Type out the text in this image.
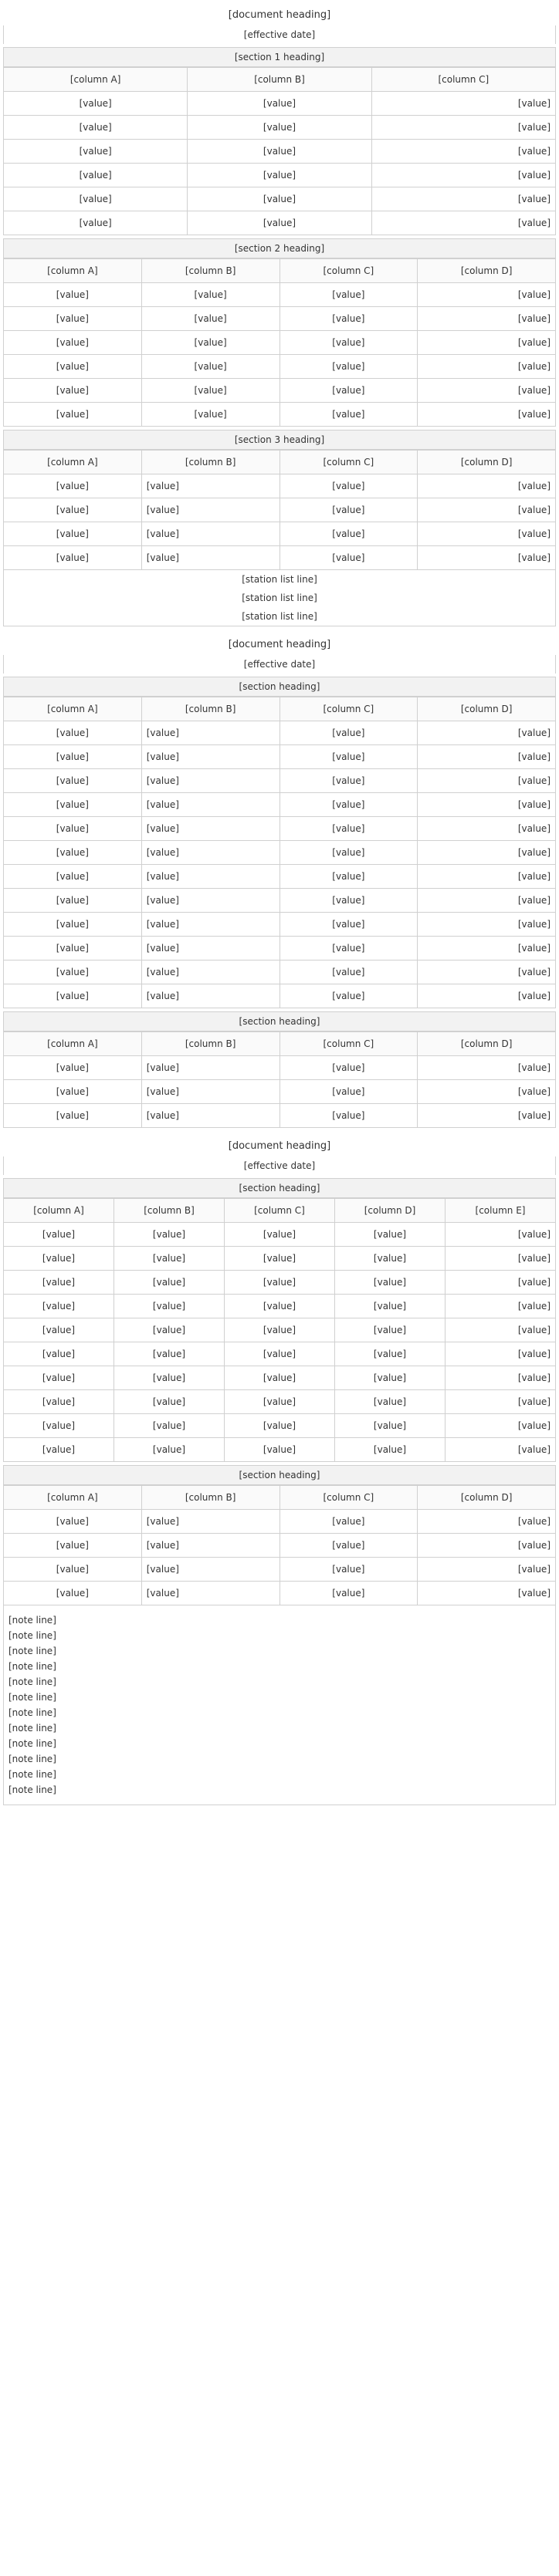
[document heading]
[effective date]
[section 1 heading]
[column A]	[column B]	[column C]
[value]	[value]	[value]
[value]	[value]	[value]
[value]	[value]	[value]
[value]	[value]	[value]
[value]	[value]	[value]
[value]	[value]	[value]
[section 2 heading]
[column A]	[column B]	[column C]	[column D]
[value]	[value]	[value]	[value]
[value]	[value]	[value]	[value]
[value]	[value]	[value]	[value]
[value]	[value]	[value]	[value]
[value]	[value]	[value]	[value]
[value]	[value]	[value]	[value]
[section 3 heading]
[column A]	[column B]	[column C]	[column D]
[value]	[value]	[value]	[value]
[value]	[value]	[value]	[value]
[value]	[value]	[value]	[value]
[value]	[value]	[value]	[value]
[station list line]
[station list line]
[station list line]
[document heading]
[effective date]
[section heading]
[column A]	[column B]	[column C]	[column D]
[value]	[value]	[value]	[value]
[value]	[value]	[value]	[value]
[value]	[value]	[value]	[value]
[value]	[value]	[value]	[value]
[value]	[value]	[value]	[value]
[value]	[value]	[value]	[value]
[value]	[value]	[value]	[value]
[value]	[value]	[value]	[value]
[value]	[value]	[value]	[value]
[value]	[value]	[value]	[value]
[value]	[value]	[value]	[value]
[value]	[value]	[value]	[value]
[section heading]
[column A]	[column B]	[column C]	[column D]
[value]	[value]	[value]	[value]
[value]	[value]	[value]	[value]
[value]	[value]	[value]	[value]
[document heading]
[effective date]
[section heading]
[column A]	[column B]	[column C]	[column D]	[column E]
[value]	[value]	[value]	[value]	[value]
[value]	[value]	[value]	[value]	[value]
[value]	[value]	[value]	[value]	[value]
[value]	[value]	[value]	[value]	[value]
[value]	[value]	[value]	[value]	[value]
[value]	[value]	[value]	[value]	[value]
[value]	[value]	[value]	[value]	[value]
[value]	[value]	[value]	[value]	[value]
[value]	[value]	[value]	[value]	[value]
[value]	[value]	[value]	[value]	[value]
[section heading]
[column A]	[column B]	[column C]	[column D]
[value]	[value]	[value]	[value]
[value]	[value]	[value]	[value]
[value]	[value]	[value]	[value]
[value]	[value]	[value]	[value]
[note line]
[note line]
[note line]
[note line]
[note line]
[note line]
[note line]
[note line]
[note line]
[note line]
[note line]
[note line]
